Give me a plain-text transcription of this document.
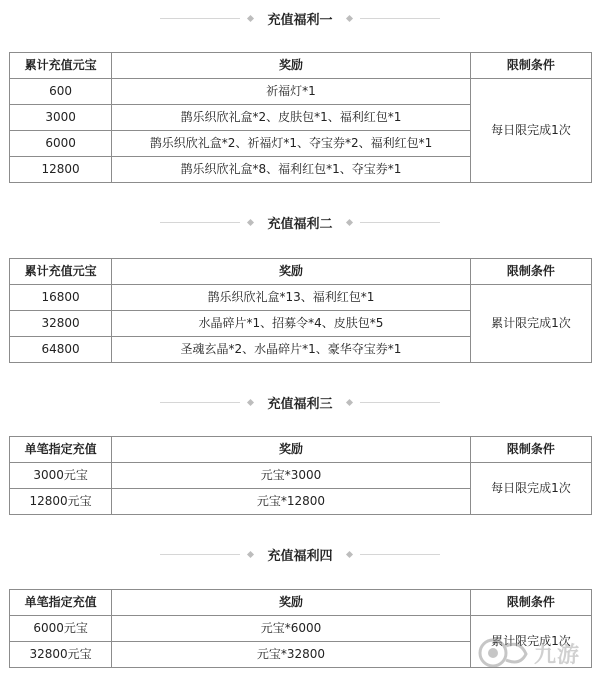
充值福利一
累计充值元宝	奖励	限制条件
600	祈福灯*1	每日限完成1次
3000	鹊乐织欣礼盒*2、皮肤包*1、福利红包*1	
6000	鹊乐织欣礼盒*2、祈福灯*1、夺宝券*2、福利红包*1	
12800	鹊乐织欣礼盒*8、福利红包*1、夺宝券*1	
充值福利二
累计充值元宝	奖励	限制条件
16800	鹊乐织欣礼盒*13、福利红包*1	累计限完成1次
32800	水晶碎片*1、招募令*4、皮肤包*5	
64800	圣魂玄晶*2、水晶碎片*1、豪华夺宝券*1	
充值福利三
单笔指定充值	奖励	限制条件
3000元宝	元宝*3000	每日限完成1次
12800元宝	元宝*12800	
充值福利四
单笔指定充值	奖励	限制条件
6000元宝	元宝*6000	累计限完成1次
32800元宝	元宝*32800		九游
